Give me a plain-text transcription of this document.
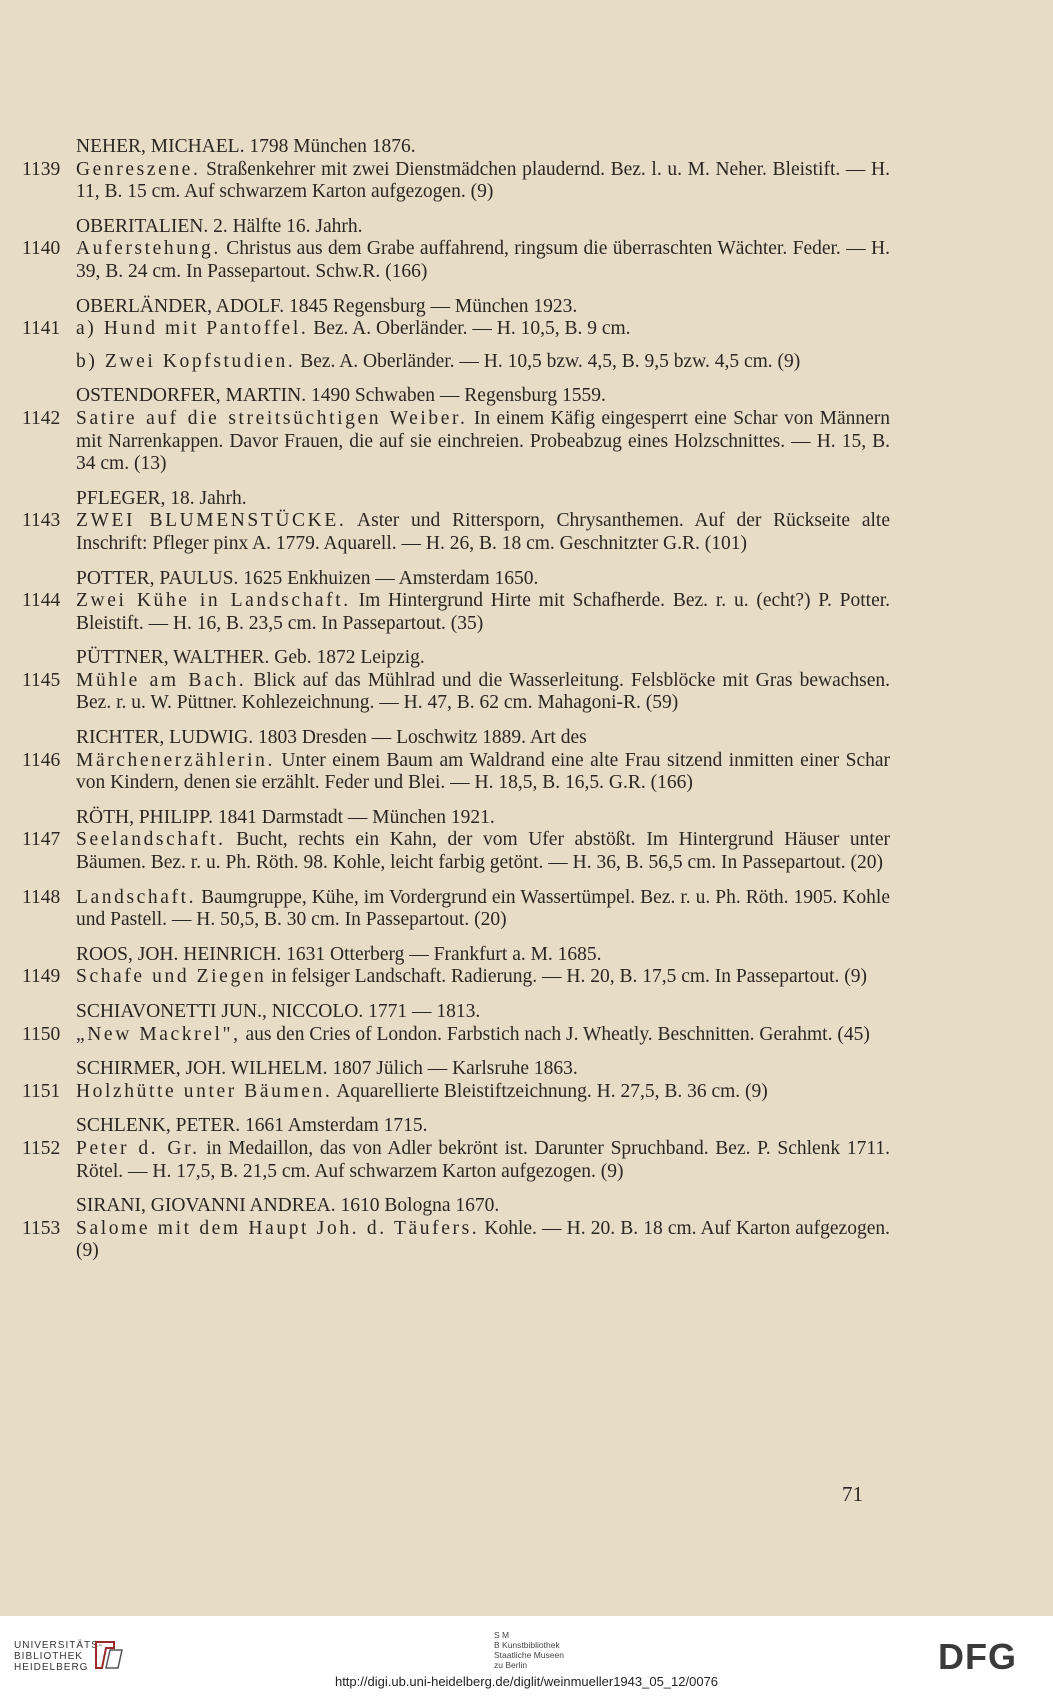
NEHER, MICHAEL. 1798 München 1876.
1139 Genreszene. Straßenkehrer mit zwei Dienstmädchen plaudernd. Bez. l. u. M. Neher. Bleistift. — H. 11, B. 15 cm. Auf schwarzem Karton aufgezogen. (9)
OBERITALIEN. 2. Hälfte 16. Jahrh.
1140 Auferstehung. Christus aus dem Grabe auffahrend, ringsum die überraschten Wächter. Feder. — H. 39, B. 24 cm. In Passepartout. Schw.R. (166)
OBERLÄNDER, ADOLF. 1845 Regensburg — München 1923.
1141 a) Hund mit Pantoffel. Bez. A. Oberländer. — H. 10,5, B. 9 cm.
b) Zwei Kopfstudien. Bez. A. Oberländer. — H. 10,5 bzw. 4,5, B. 9,5 bzw. 4,5 cm. (9)
OSTENDORFER, MARTIN. 1490 Schwaben — Regensburg 1559.
1142 Satire auf die streitsüchtigen Weiber. In einem Käfig eingesperrt eine Schar von Männern mit Narrenkappen. Davor Frauen, die auf sie einchreien. Probeabzug eines Holzschnittes. — H. 15, B. 34 cm. (13)
PFLEGER, 18. Jahrh.
1143 ZWEI BLUMENSTÜCKE. Aster und Rittersporn, Chrysanthemen. Auf der Rückseite alte Inschrift: Pfleger pinx A. 1779. Aquarell. — H. 26, B. 18 cm. Geschnitzter G.R. (101)
POTTER, PAULUS. 1625 Enkhuizen — Amsterdam 1650.
1144 Zwei Kühe in Landschaft. Im Hintergrund Hirte mit Schafherde. Bez. r. u. (echt?) P. Potter. Bleistift. — H. 16, B. 23,5 cm. In Passepartout. (35)
PÜTTNER, WALTHER. Geb. 1872 Leipzig.
1145 Mühle am Bach. Blick auf das Mühlrad und die Wasserleitung. Felsblöcke mit Gras bewachsen. Bez. r. u. W. Püttner. Kohlezeichnung. — H. 47, B. 62 cm. Mahagoni-R. (59)
RICHTER, LUDWIG. 1803 Dresden — Loschwitz 1889. Art des
1146 Märchenerzählerin. Unter einem Baum am Waldrand eine alte Frau sitzend inmitten einer Schar von Kindern, denen sie erzählt. Feder und Blei. — H. 18,5, B. 16,5. G.R. (166)
RÖTH, PHILIPP. 1841 Darmstadt — München 1921.
1147 Seelandschaft. Bucht, rechts ein Kahn, der vom Ufer abstößt. Im Hintergrund Häuser unter Bäumen. Bez. r. u. Ph. Röth. 98. Kohle, leicht farbig getönt. — H. 36, B. 56,5 cm. In Passepartout. (20)
1148 Landschaft. Baumgruppe, Kühe, im Vordergrund ein Wassertümpel. Bez. r. u. Ph. Röth. 1905. Kohle und Pastell. — H. 50,5, B. 30 cm. In Passepartout. (20)
ROOS, JOH. HEINRICH. 1631 Otterberg — Frankfurt a. M. 1685.
1149 Schafe und Ziegen in felsiger Landschaft. Radierung. — H. 20, B. 17,5 cm. In Passepartout. (9)
SCHIAVONETTI JUN., NICCOLO. 1771 — 1813.
1150 „New Mackrel", aus den Cries of London. Farbstich nach J. Wheatly. Beschnitten. Gerahmt. (45)
SCHIRMER, JOH. WILHELM. 1807 Jülich — Karlsruhe 1863.
1151 Holzhütte unter Bäumen. Aquarellierte Bleistiftzeichnung. H. 27,5, B. 36 cm. (9)
SCHLENK, PETER. 1661 Amsterdam 1715.
1152 Peter d. Gr. in Medaillon, das von Adler bekrönt ist. Darunter Spruchband. Bez. P. Schlenk 1711. Rötel. — H. 17,5, B. 21,5 cm. Auf schwarzem Karton aufgezogen. (9)
SIRANI, GIOVANNI ANDREA. 1610 Bologna 1670.
1153 Salome mit dem Haupt Joh. d. Täufers. Kohle. — H. 20. B. 18 cm. Auf Karton aufgezogen. (9)
71
UNIVERSITÄTS-
BIBLIOTHEK
HEIDELBERG
S M
B Kunstbibliothek
Staatliche Museen
zu Berlin	DFG
http://digi.ub.uni-heidelberg.de/diglit/weinmueller1943_05_12/0076
